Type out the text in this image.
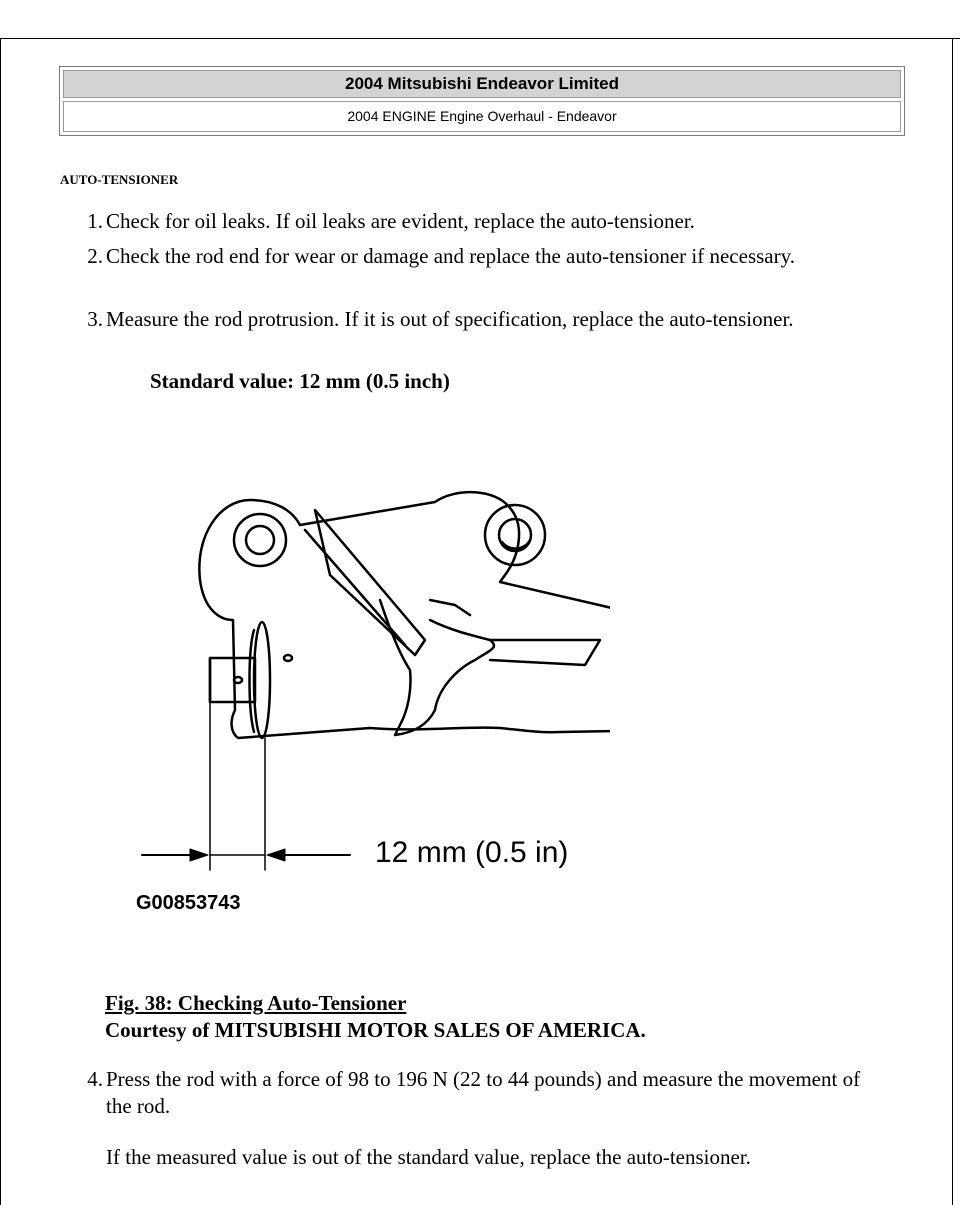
2004 Mitsubishi Endeavor Limited
2004 ENGINE Engine Overhaul - Endeavor
AUTO-TENSIONER
1. Check for oil leaks. If oil leaks are evident, replace the auto-tensioner.
2. Check the rod end for wear or damage and replace the auto-tensioner if necessary.
3. Measure the rod protrusion. If it is out of specification, replace the auto-tensioner.
Standard value: 12 mm (0.5 inch)
12 mm (0.5 in)
G00853743
Fig. 38: Checking Auto-Tensioner
Courtesy of MITSUBISHI MOTOR SALES OF AMERICA.
4. Press the rod with a force of 98 to 196 N (22 to 44 pounds) and measure the movement of the rod.
If the measured value is out of the standard value, replace the auto-tensioner.
